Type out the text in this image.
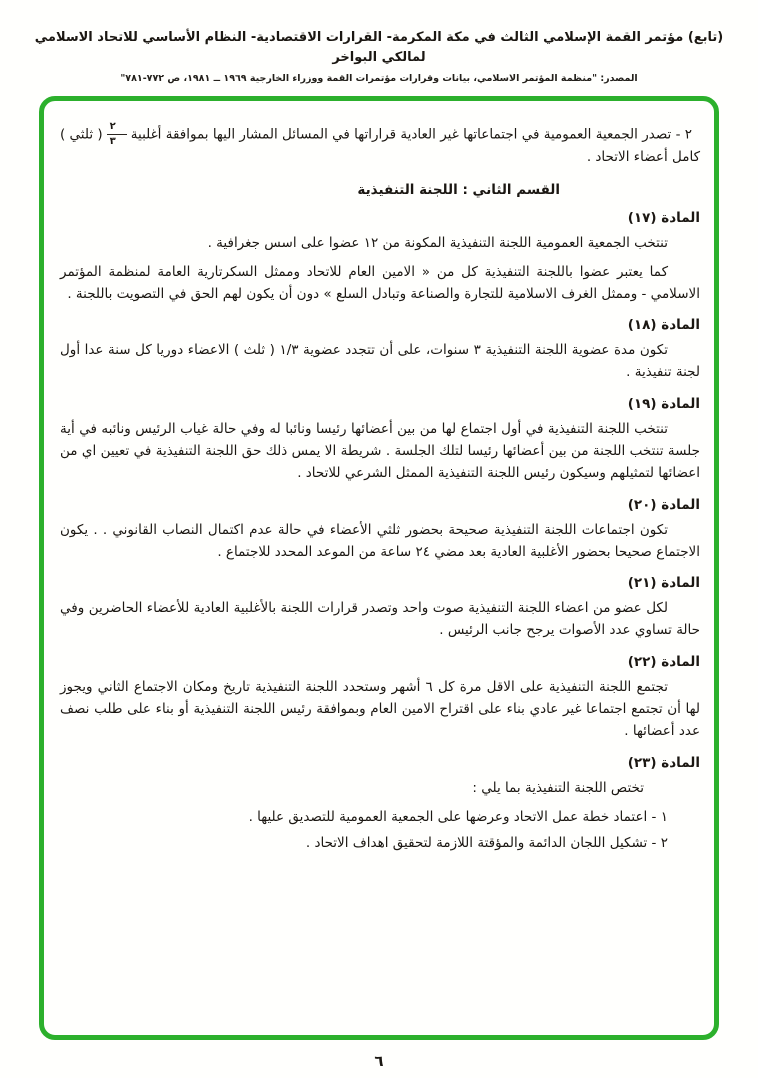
(تابع) مؤتمر القمة الإسلامي الثالث في مكة المكرمة- القرارات الاقتصادية- النظام الأساسي للاتحاد الاسلامي لمالكي البواخر
المصدر: "منظمة المؤتمر الاسلامي، بيانات وقرارات مؤتمرات القمة ووزراء الخارجية ١٩٦٩ ــ ١٩٨١، ص ٧٧٢-٧٨١"

٢ - تصدر الجمعية العمومية في اجتماعاتها غير العادية قراراتها في المسائل المشار اليها بموافقة أغلبية
$\frac{٢}{٣}$
( ثلثي ) كامل أعضاء الاتحاد .

القسم الثاني : اللجنة التنفيذية

المادة (١٧)

تنتخب الجمعية العمومية اللجنة التنفيذية المكونة من ١٢ عضوا على اسس جغرافية .

كما يعتبر عضوا باللجنة التنفيذية كل من « الامين العام للاتحاد وممثل السكرتارية العامة لمنظمة المؤتمر الاسلامي - وممثل الغرف الاسلامية للتجارة والصناعة وتبادل السلع » دون أن يكون لهم الحق في التصويت باللجنة .

المادة (١٨)

تكون مدة عضوية اللجنة التنفيذية ٣ سنوات، على أن تتجدد عضوية ١/٣ ( ثلث ) الاعضاء دوريا كل سنة عدا أول لجنة تنفيذية .

المادة (١٩)

تنتخب اللجنة التنفيذية في أول اجتماع لها من بين أعضائها رئيسا ونائبا له وفي حالة غياب الرئيس ونائبه في أية جلسة تنتخب اللجنة من بين أعضائها رئيسا لتلك الجلسة . شريطة الا يمس ذلك حق اللجنة التنفيذية في تعيين اي من اعضائها لتمثيلهم وسيكون رئيس اللجنة التنفيذية الممثل الشرعي للاتحاد .

المادة (٢٠)

تكون اجتماعات اللجنة التنفيذية صحيحة بحضور ثلثي الأعضاء في حالة عدم اكتمال النصاب القانوني . . يكون الاجتماع صحيحا بحضور الأغلبية العادية بعد مضي ٢٤ ساعة من الموعد المحدد للاجتماع .

المادة (٢١)

لكل عضو من اعضاء اللجنة التنفيذية صوت واحد وتصدر قرارات اللجنة بالأغلبية العادية للأعضاء الحاضرين وفي حالة تساوي عدد الأصوات يرجح جانب الرئيس .

المادة (٢٢)

تجتمع اللجنة التنفيذية على الاقل مرة كل ٦ أشهر وستحدد اللجنة التنفيذية تاريخ ومكان الاجتماع الثاني ويجوز لها أن تجتمع اجتماعا غير عادي بناء على اقتراح الامين العام وبموافقة رئيس اللجنة التنفيذية أو بناء على طلب نصف عدد أعضائها .

المادة (٢٣)

تختص اللجنة التنفيذية بما يلي :

١ - اعتماد خطة عمل الاتحاد وعرضها على الجمعية العمومية للتصديق عليها .

٢ - تشكيل اللجان الدائمة والمؤقتة اللازمة لتحقيق اهداف الاتحاد .

٦
